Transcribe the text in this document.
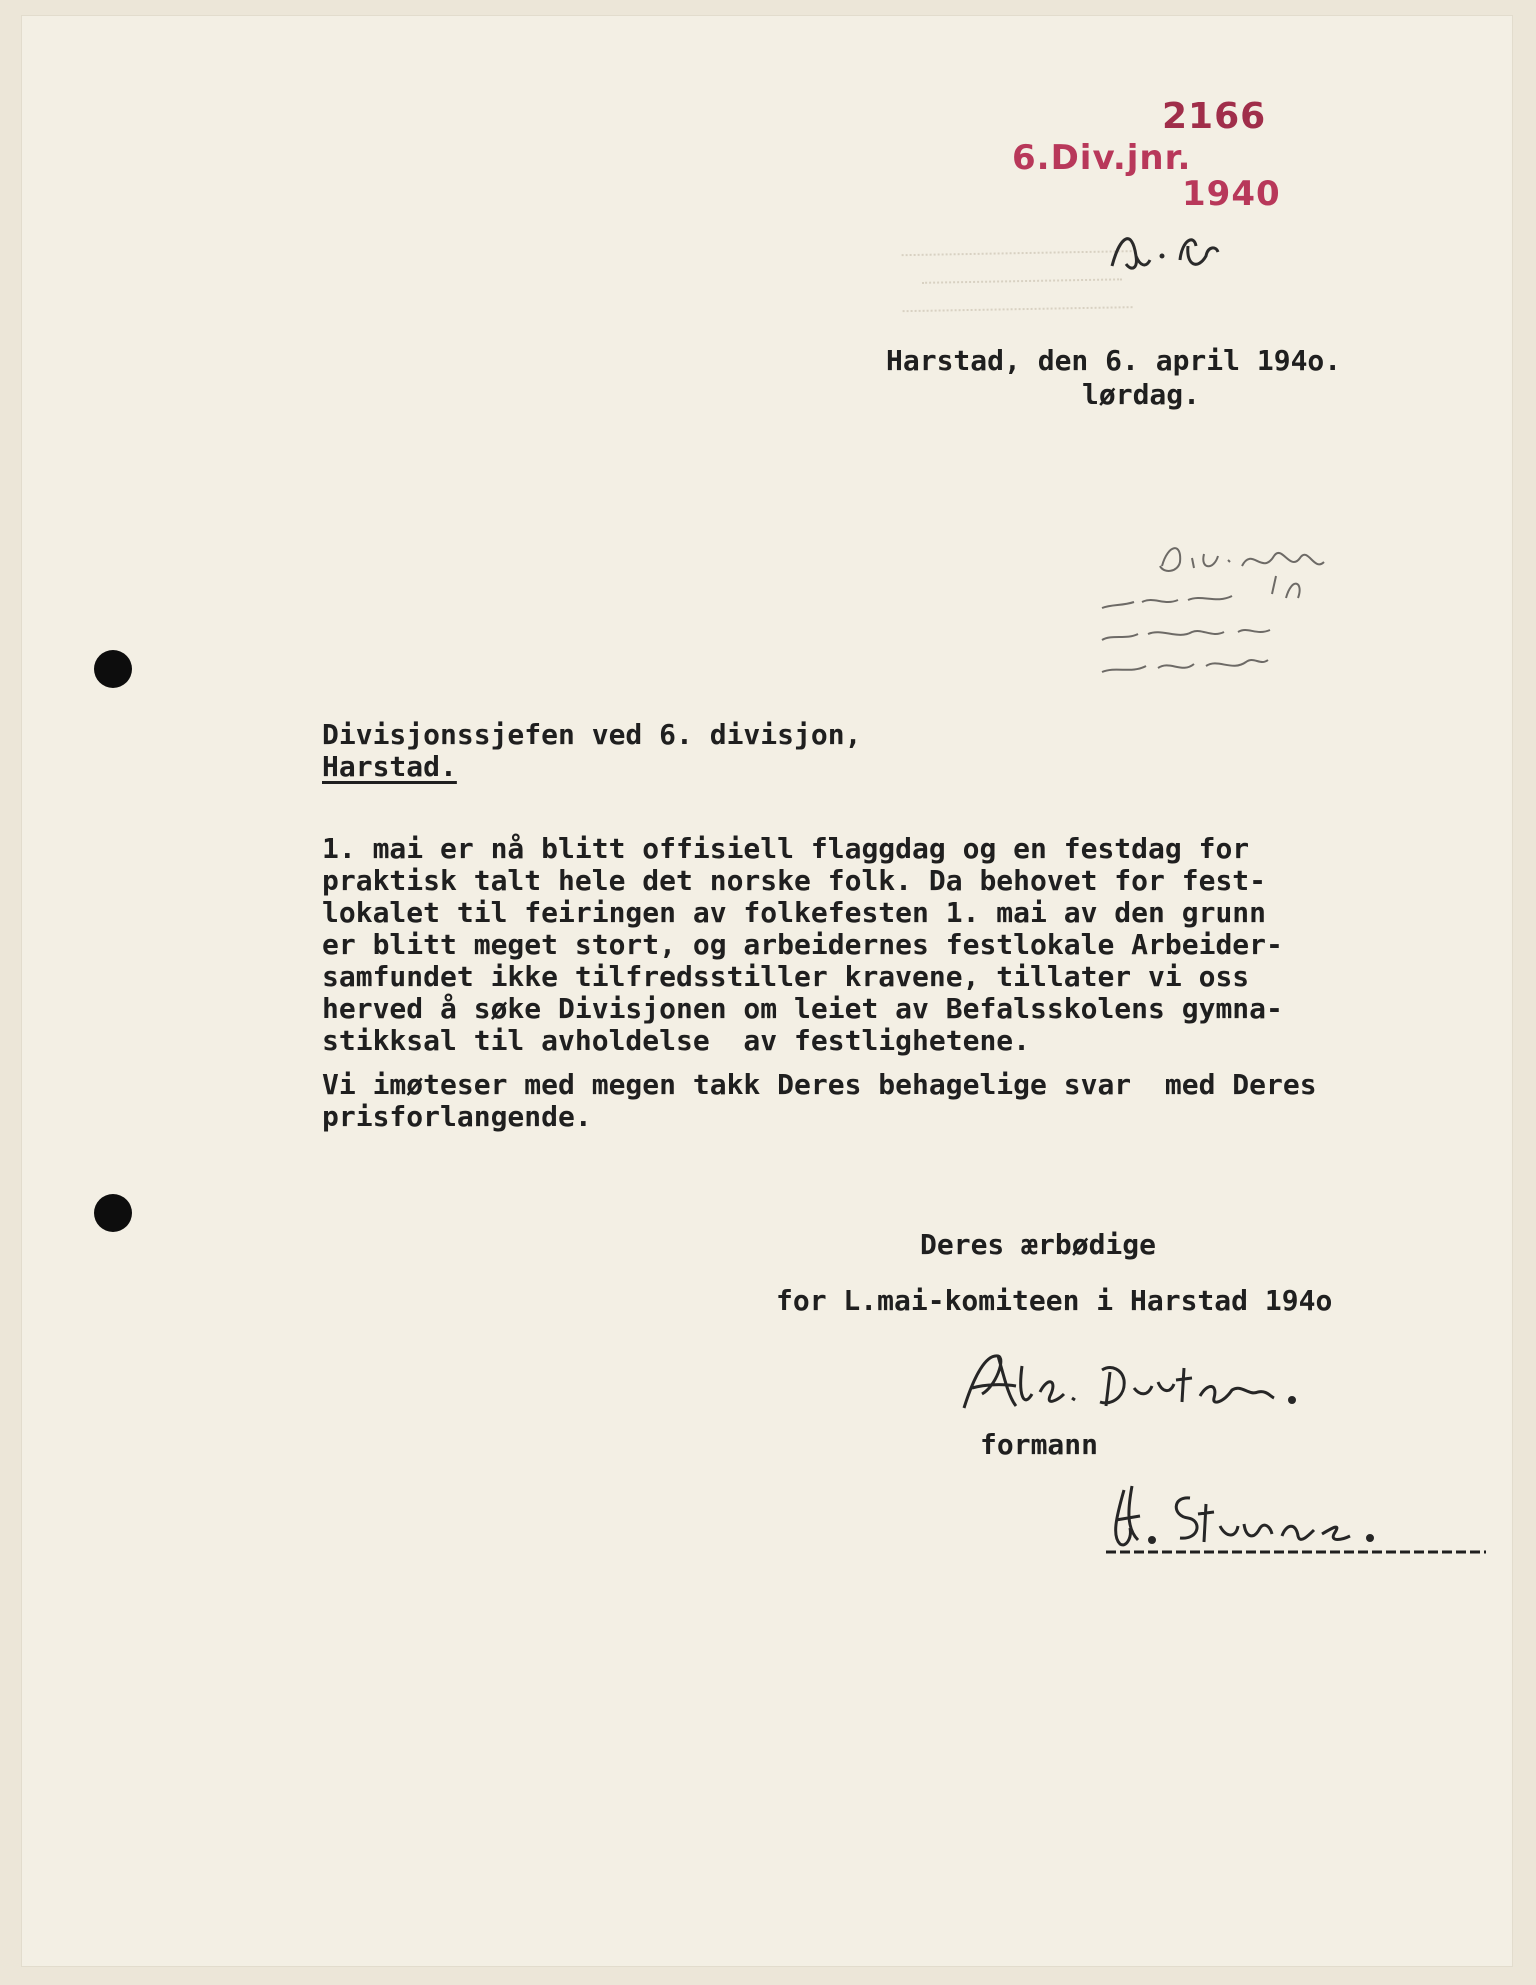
6.Div.jnr.
2166
1940
Harstad, den 6. april 194o.
lørdag.
Divisjonssjefen ved 6. divisjon,
Harstad.
1. mai er nå blitt offisiell flaggdag og en festdag for
praktisk talt hele det norske folk. Da behovet for fest-
lokalet til feiringen av folkefesten 1. mai av den grunn
er blitt meget stort, og arbeidernes festlokale Arbeider-
samfundet ikke tilfredsstiller kravene, tillater vi oss
herved å søke Divisjonen om leiet av Befalsskolens gymna-
stikksal til avholdelse  av festlighetene.
Vi imøteser med megen takk Deres behagelige svar  med Deres
prisforlangende.
Deres ærbødige
for L.mai-komiteen i Harstad 194o
formann
